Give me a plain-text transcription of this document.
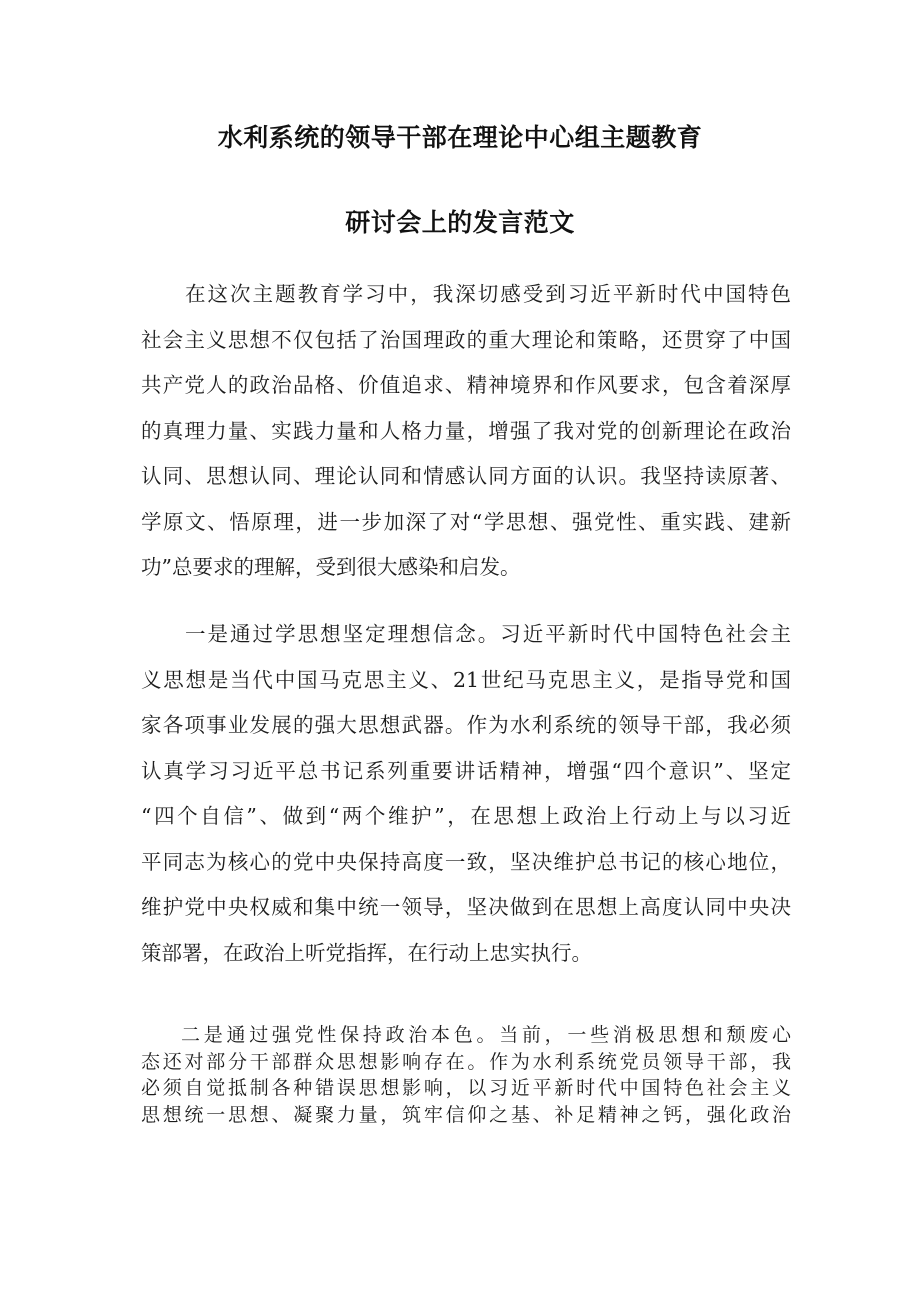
水利系统的领导干部在理论中心组主题教育
研讨会上的发言范文
在这次主题教育学习中，我深切感受到习近平新时代中国特色
社会主义思想不仅包括了治国理政的重大理论和策略，还贯穿了中国
共产党人的政治品格、价值追求、精神境界和作风要求，包含着深厚
的真理力量、实践力量和人格力量，增强了我对党的创新理论在政治
认同、思想认同、理论认同和情感认同方面的认识。我坚持读原著、
学原文、悟原理，进一步加深了对“学思想、强党性、重实践、建新
功”总要求的理解，受到很大感染和启发。
一是通过学思想坚定理想信念。习近平新时代中国特色社会主
义思想是当代中国马克思主义、21世纪马克思主义，是指导党和国
家各项事业发展的强大思想武器。作为水利系统的领导干部，我必须
认真学习习近平总书记系列重要讲话精神，增强“四个意识”、坚定
“四个自信”、做到“两个维护”，在思想上政治上行动上与以习近
平同志为核心的党中央保持高度一致，坚决维护总书记的核心地位，
维护党中央权威和集中统一领导，坚决做到在思想上高度认同中央决
策部署，在政治上听党指挥，在行动上忠实执行。
二是通过强党性保持政治本色。当前，一些消极思想和颓废心
态还对部分干部群众思想影响存在。作为水利系统党员领导干部，我
必须自觉抵制各种错误思想影响，以习近平新时代中国特色社会主义
思想统一思想、凝聚力量，筑牢信仰之基、补足精神之钙，强化政治
